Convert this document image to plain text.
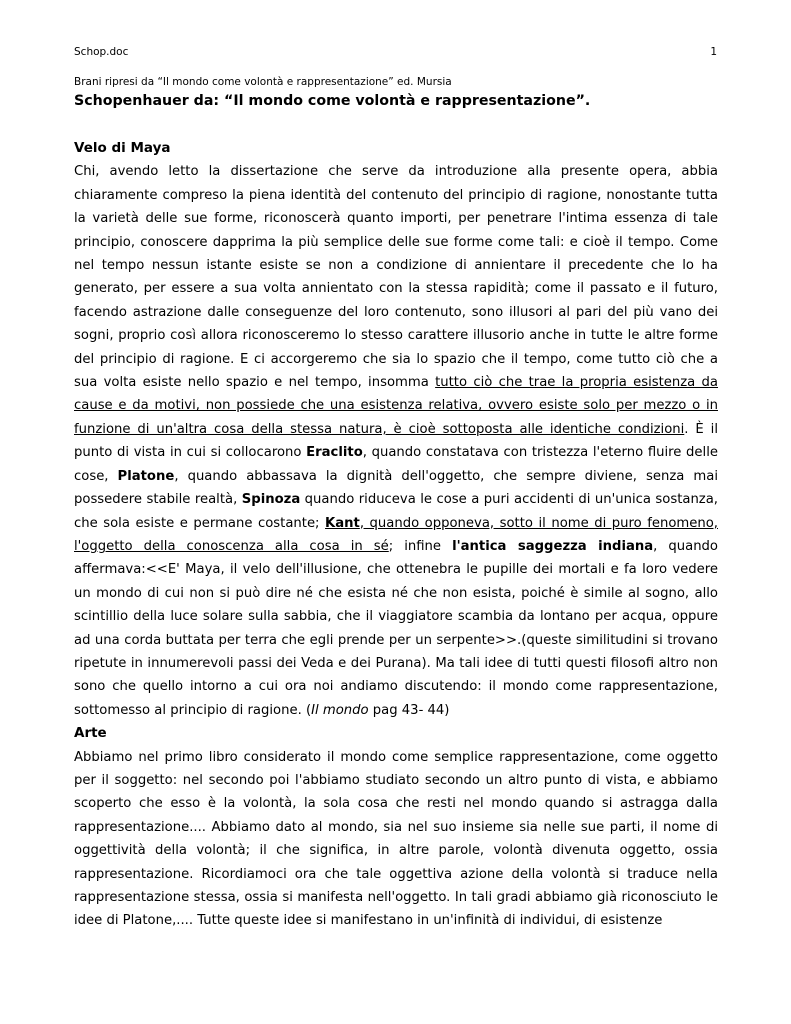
Schop.doc	1
Brani ripresi da “Il mondo come volontà e rappresentazione” ed. Mursia
Schopenhauer da: “Il mondo come volontà e rappresentazione”.
Velo di Maya

Chi, avendo letto la dissertazione che serve da introduzione alla presente opera, abbia chiaramente compreso la piena identità del contenuto del principio di ragione, nonostante tutta la varietà delle sue forme, riconoscerà quanto importi, per penetrare l'intima essenza di tale principio, conoscere dapprima la più semplice delle sue forme come tali: e cioè il tempo. Come nel tempo nessun istante esiste se non a condizione di annientare il precedente che lo ha generato, per essere a sua volta annientato con la stessa rapidità; come il passato e il futuro, facendo astrazione dalle conseguenze del loro contenuto, sono illusori al pari del più vano dei sogni, proprio così allora riconosceremo lo stesso carattere illusorio anche in tutte le altre forme del principio di ragione. E ci accorgeremo che sia lo spazio che il tempo, come tutto ciò che a sua volta esiste nello spazio e nel tempo, insomma tutto ciò che trae la propria esistenza da cause e da motivi, non possiede che una esistenza relativa, ovvero esiste solo per mezzo o in funzione di un'altra cosa della stessa natura, è cioè sottoposta alle identiche condizioni. È il punto di vista in cui si collocarono Eraclito, quando constatava con tristezza l'eterno fluire delle cose, Platone, quando abbassava la dignità dell'oggetto, che sempre diviene, senza mai possedere stabile realtà, Spinoza quando riduceva le cose a puri accidenti di un'unica sostanza, che sola esiste e permane costante; Kant, quando opponeva, sotto il nome di puro fenomeno, l'oggetto della conoscenza alla cosa in sé; infine l'antica saggezza indiana, quando affermava:<<E' Maya, il velo dell'illusione, che ottenebra le pupille dei mortali e fa loro vedere un mondo di cui non si può dire né che esista né che non esista, poiché è simile al sogno, allo scintillio della luce solare sulla sabbia, che il viaggiatore scambia da lontano per acqua, oppure ad una corda buttata per terra che egli prende per un serpente>>.(queste similitudini si trovano ripetute in innumerevoli passi dei Veda e dei Purana). Ma tali idee di tutti questi filosofi altro non sono che quello intorno a cui ora noi andiamo discutendo: il mondo come rappresentazione, sottomesso al principio di ragione. (Il mondo pag 43- 44)

Arte

Abbiamo nel primo libro considerato il mondo come semplice rappresentazione, come oggetto per il soggetto: nel secondo poi l'abbiamo studiato secondo un altro punto di vista, e abbiamo scoperto che esso è la volontà, la sola cosa che resti nel mondo quando si astragga dalla rappresentazione.... Abbiamo dato al mondo, sia nel suo insieme sia nelle sue parti, il nome di oggettività della volontà; il che significa, in altre parole, volontà divenuta oggetto, ossia rappresentazione. Ricordiamoci ora che tale oggettiva azione della volontà si traduce nella rappresentazione stessa, ossia si manifesta nell'oggetto. In tali gradi abbiamo già riconosciuto le idee di Platone,.... Tutte queste idee si manifestano in un'infinità di individui, di esistenze
